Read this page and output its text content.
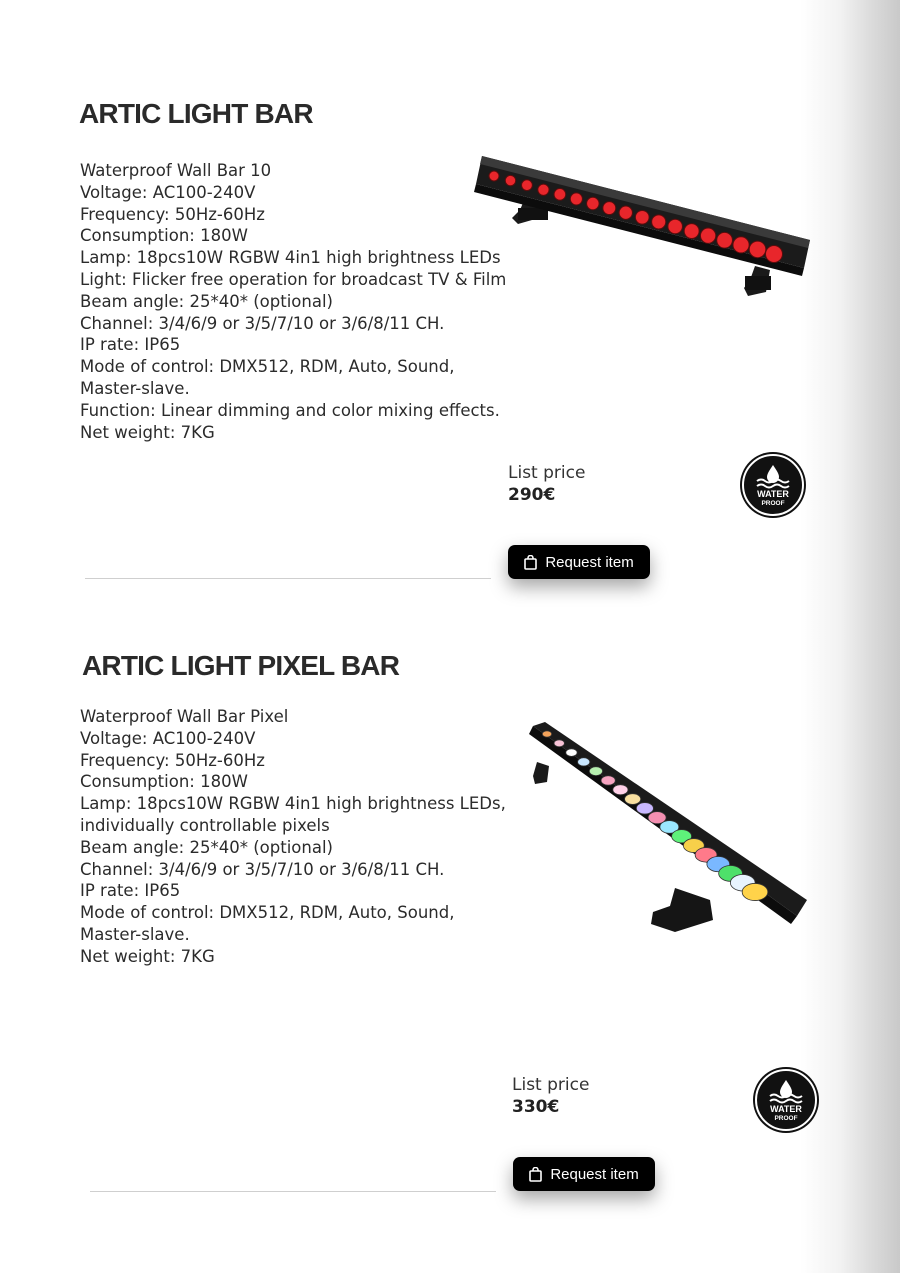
ARTIC LIGHT BAR
Waterproof Wall Bar 10
Voltage: AC100-240V
Frequency: 50Hz-60Hz
Consumption: 180W
Lamp: 18pcs10W RGBW 4in1 high brightness LEDs
Light: Flicker free operation for broadcast TV & Film
Beam angle: 25*40* (optional)
Channel: 3/4/6/9 or 3/5/7/10 or 3/6/8/11 CH.
IP rate: IP65
Mode of control: DMX512, RDM, Auto, Sound,
Master-slave.
Function: Linear dimming and color mixing effects.
Net weight: 7KG
List price
290€	WATER
PROOF
Request item
ARTIC LIGHT PIXEL BAR
Waterproof Wall Bar Pixel
Voltage: AC100-240V
Frequency: 50Hz-60Hz
Consumption: 180W
Lamp: 18pcs10W RGBW 4in1 high brightness LEDs,
individually controllable pixels
Beam angle: 25*40* (optional)
Channel: 3/4/6/9 or 3/5/7/10 or 3/6/8/11 CH.
IP rate: IP65
Mode of control: DMX512, RDM, Auto, Sound,
Master-slave.
Net weight: 7KG
List price
330€	WATER
PROOF
Request item
